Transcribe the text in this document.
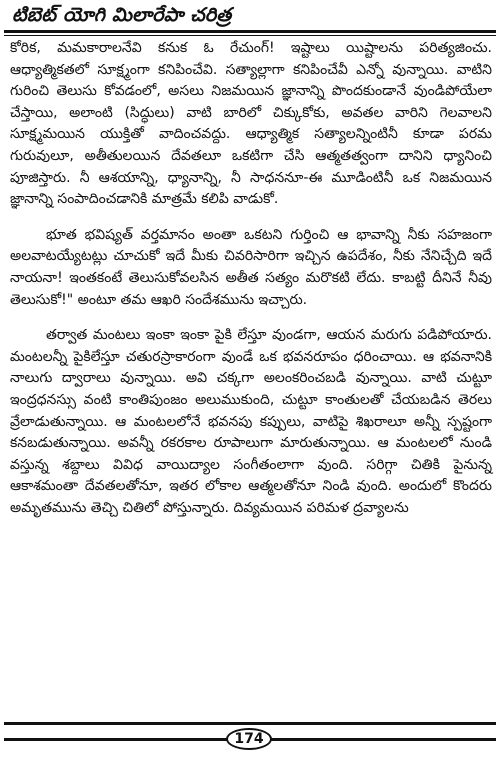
టిబెట్ యోగి మిలారేపా చరిత్ర

కోరిక, మమకారాలనేవి కనుక ఓ రేచుంగ్! ఇష్టాలు యిష్టాలను పరిత్యజించు. ఆధ్యాత్మికతలో సూక్ష్మంగా కనిపించేవి. సత్యాల్లాగా కనిపించేవీ ఎన్నో వున్నాయి. వాటిని గురించి తెలుసు కోవడంలో, అసలు నిజమయిన జ్ఞానాన్ని పొందకుండానే వుండిపోయేలా చేస్తాయి, అలాంటి (సిద్ధులు) వాటి బారిలో చిక్కుకోకు, అవతల వారిని గెలవాలని సూక్ష్మమయిన యుక్తితో వాదించవద్దు. ఆధ్యాత్మిక సత్యాలన్నింటినీ కూడా పరమ గురువులూ, అతీతులయిన దేవతలూ ఒకటిగా చేసి ఆత్మతత్వంగా దానిని ధ్యానించి పూజిస్తారు. నీ ఆశయాన్ని, ధ్యానాన్ని, నీ సాధననూ-ఈ మూడింటినీ ఒక నిజమయిన జ్ఞానాన్ని సంపాదించడానికి మాత్రమే కలిపి వాడుకో.

భూత భవిష్యత్ వర్తమానం అంతా ఒకటని గుర్తించి ఆ భావాన్ని నీకు సహజంగా అలవాటయ్యేటట్లు చూచుకో ఇదే మీకు చివరిసారిగా ఇచ్చిన ఉపదేశం, నీకు నేనిచ్చేది ఇదే నాయనా! ఇంతకంటే తెలుసుకోవలసిన అతీత సత్యం మరొకటి లేదు. కాబట్టి దీనినే నీవు తెలుసుకో!" అంటూ తమ ఆఖరి సందేశమును ఇచ్చారు.

తర్వాత మంటలు ఇంకా ఇంకా పైకి లేస్తూ వుండగా, ఆయన మరుగు పడిపోయారు. మంటలన్నీ పైకిలేస్తూ చతురస్రాకారంగా వుండే ఒక భవనరూపం ధరించాయి. ఆ భవనానికి నాలుగు ద్వారాలు వున్నాయి. అవి చక్కగా అలంకరించబడి వున్నాయి. వాటి చుట్టూ ఇంద్రధనస్సు వంటి కాంతిపుంజం అలుముకుంది, చుట్టూ కాంతులతో చేయబడిన తెరలు వ్రేలాడుతున్నాయి. ఆ మంటలలోనే భవనపు కప్పులు, వాటిపై శిఖరాలూ అన్నీ స్పష్టంగా కనబడుతున్నాయి. అవన్నీ రకరకాల రూపాలుగా మారుతున్నాయి. ఆ మంటలలో నుండి వస్తున్న శబ్దాలు వివిధ వాయిద్యాల సంగీతంలాగా వుంది. సరిగ్గా చితికి పైనున్న ఆకాశమంతా దేవతలతోనూ, ఇతర లోకాల ఆత్మలతోనూ నిండి వుంది. అందులో కొందరు అమృతమును తెచ్చి చితిలో పోస్తున్నారు. దివ్యమయిన పరిమళ ద్రవ్యాలను

174
